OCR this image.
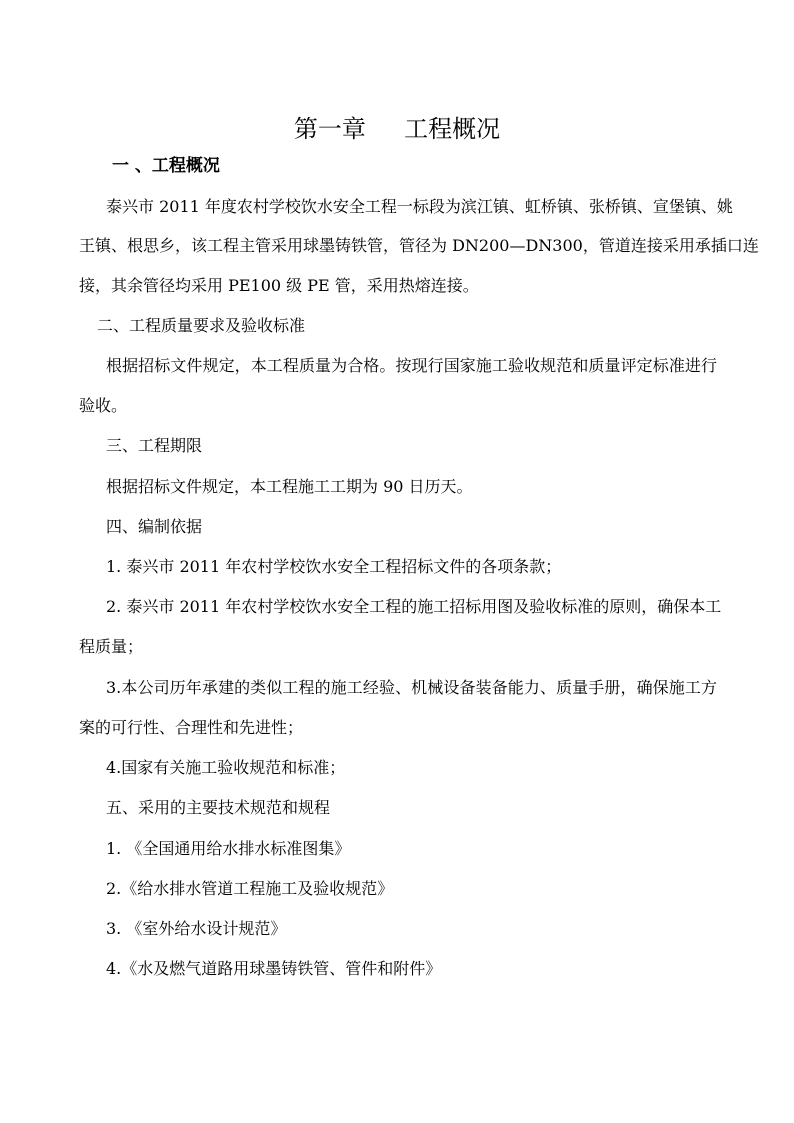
第一章     工程概况
一 、工程概况
泰兴市 2011 年度农村学校饮水安全工程一标段为滨江镇、虹桥镇、张桥镇、宣堡镇、姚
王镇、根思乡，该工程主管采用球墨铸铁管，管径为 DN200—DN300，管道连接采用承插口连
接，其余管径均采用 PE100 级 PE 管，采用热熔连接。
二、工程质量要求及验收标准
根据招标文件规定，本工程质量为合格。按现行国家施工验收规范和质量评定标准进行
验收。
三、工程期限
根据招标文件规定，本工程施工工期为 90 日历天。
四、编制依据
1. 泰兴市 2011 年农村学校饮水安全工程招标文件的各项条款；
2. 泰兴市 2011 年农村学校饮水安全工程的施工招标用图及验收标准的原则，确保本工
程质量；
3.本公司历年承建的类似工程的施工经验、机械设备装备能力、质量手册，确保施工方
案的可行性、合理性和先进性；
4.国家有关施工验收规范和标准；
五、采用的主要技术规范和规程
1. 《全国通用给水排水标准图集》
2.《给水排水管道工程施工及验收规范》
3. 《室外给水设计规范》
4.《水及燃气道路用球墨铸铁管、管件和附件》
